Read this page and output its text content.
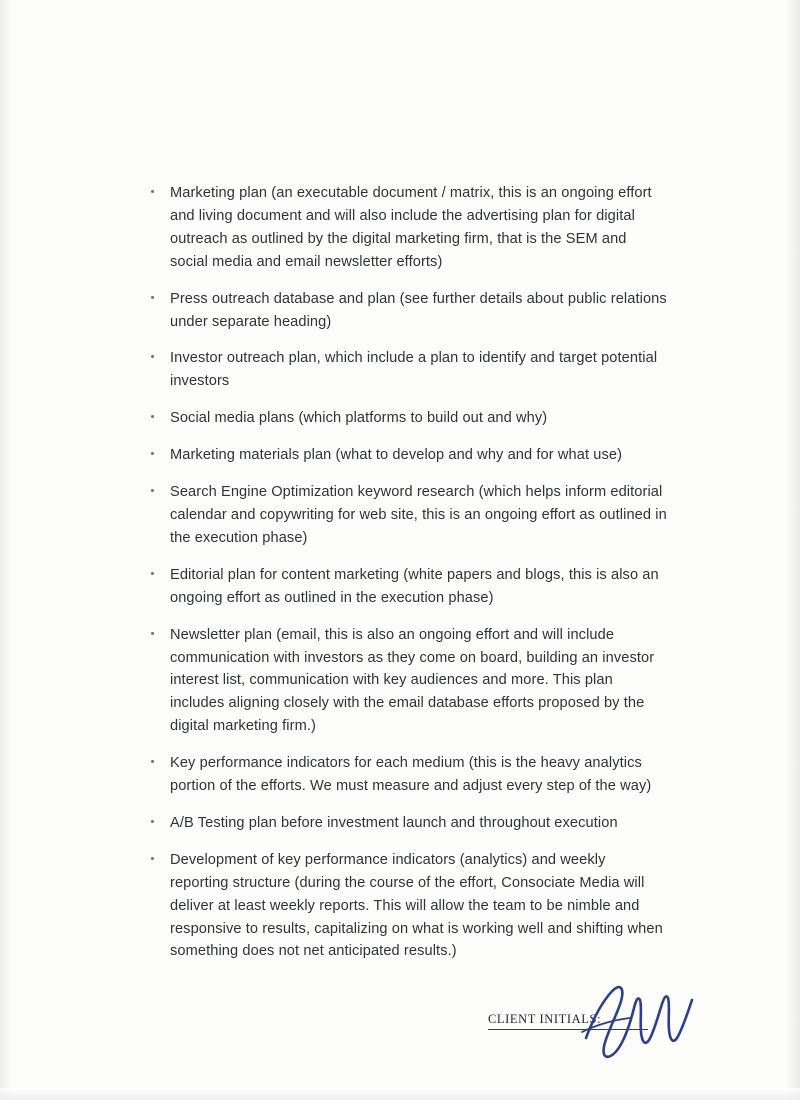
Marketing plan (an executable document / matrix, this is an ongoing effort and living document and will also include the advertising plan for digital outreach as outlined by the digital marketing firm, that is the SEM and social media and email newsletter efforts)
Press outreach database and plan (see further details about public relations under separate heading)
Investor outreach plan, which include a plan to identify and target potential investors
Social media plans (which platforms to build out and why)
Marketing materials plan (what to develop and why and for what use)
Search Engine Optimization keyword research (which helps inform editorial calendar and copywriting for web site, this is an ongoing effort as outlined in the execution phase)
Editorial plan for content marketing (white papers and blogs, this is also an ongoing effort as outlined in the execution phase)
Newsletter plan (email, this is also an ongoing effort and will include communication with investors as they come on board, building an investor interest list, communication with key audiences and more. This plan includes aligning closely with the email database efforts proposed by the digital marketing firm.)
Key performance indicators for each medium (this is the heavy analytics portion of the efforts. We must measure and adjust every step of the way)
A/B Testing plan before investment launch and throughout execution
Development of key performance indicators (analytics) and weekly reporting structure (during the course of the effort, Consociate Media will deliver at least weekly reports. This will allow the team to be nimble and responsive to results, capitalizing on what is working well and shifting when something does not net anticipated results.)
CLIENT INITIALS:
